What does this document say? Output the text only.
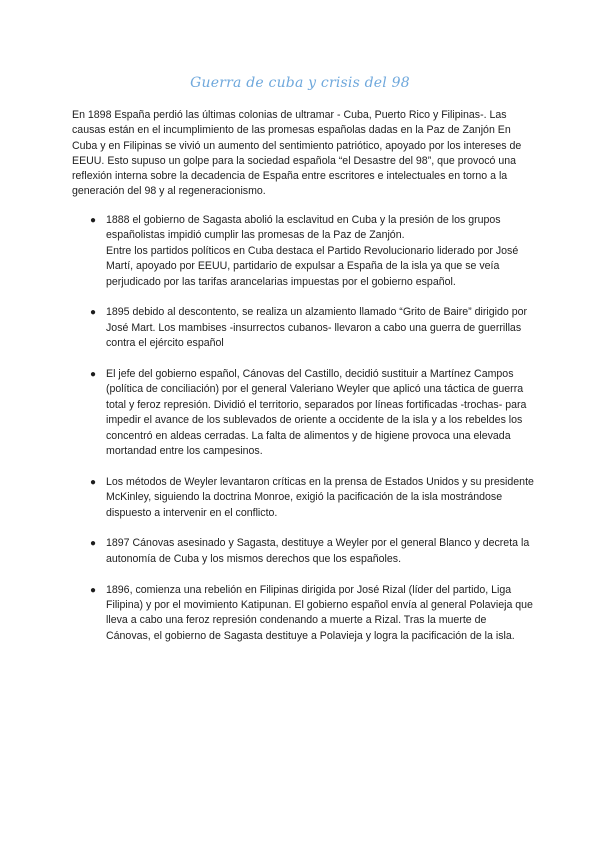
Guerra de cuba y crisis del 98

En 1898 España perdió las últimas colonias de ultramar - Cuba, Puerto Rico y Filipinas-. Las causas están en el incumplimiento de las promesas españolas dadas en la Paz de Zanjón En Cuba y en Filipinas se vivió un aumento del sentimiento patriótico, apoyado por los intereses de EEUU. Esto supuso un golpe para la sociedad española “el Desastre del 98”, que provocó una reflexión interna sobre la decadencia de España entre escritores e intelectuales en torno a la generación del 98 y al regeneracionismo.

● 1888 el gobierno de Sagasta abolió la esclavitud en Cuba y la presión de los grupos españolistas impidió cumplir las promesas de la Paz de Zanjón.

Entre los partidos políticos en Cuba destaca el Partido Revolucionario liderado por José Martí, apoyado por EEUU, partidario de expulsar a España de la isla ya que se veía perjudicado por las tarifas arancelarias impuestas por el gobierno español.

● 1895 debido al descontento, se realiza un alzamiento llamado “Grito de Baire” dirigido por José Mart. Los mambises -insurrectos cubanos- llevaron a cabo una guerra de guerrillas contra el ejército español

● El jefe del gobierno español, Cánovas del Castillo, decidió sustituir a Martínez Campos (política de conciliación) por el general Valeriano Weyler que aplicó una táctica de guerra total y feroz represión. Dividió el territorio, separados por líneas fortificadas -trochas- para impedir el avance de los sublevados de oriente a occidente de la isla y a los rebeldes los concentró en aldeas cerradas. La falta de alimentos y de higiene provoca una elevada mortandad entre los campesinos.

● Los métodos de Weyler levantaron críticas en la prensa de Estados Unidos y su presidente McKinley, siguiendo la doctrina Monroe, exigió la pacificación de la isla mostrándose dispuesto a intervenir en el conflicto.

● 1897 Cánovas asesinado y Sagasta, destituye a Weyler por el general Blanco y decreta la autonomía de Cuba y los mismos derechos que los españoles.

● 1896, comienza una rebelión en Filipinas dirigida por José Rizal (líder del partido, Liga Filipina) y por el movimiento Katipunan. El gobierno español envía al general Polavieja que lleva a cabo una feroz represión condenando a muerte a Rizal. Tras la muerte de Cánovas, el gobierno de Sagasta destituye a Polavieja y logra la pacificación de la isla.
